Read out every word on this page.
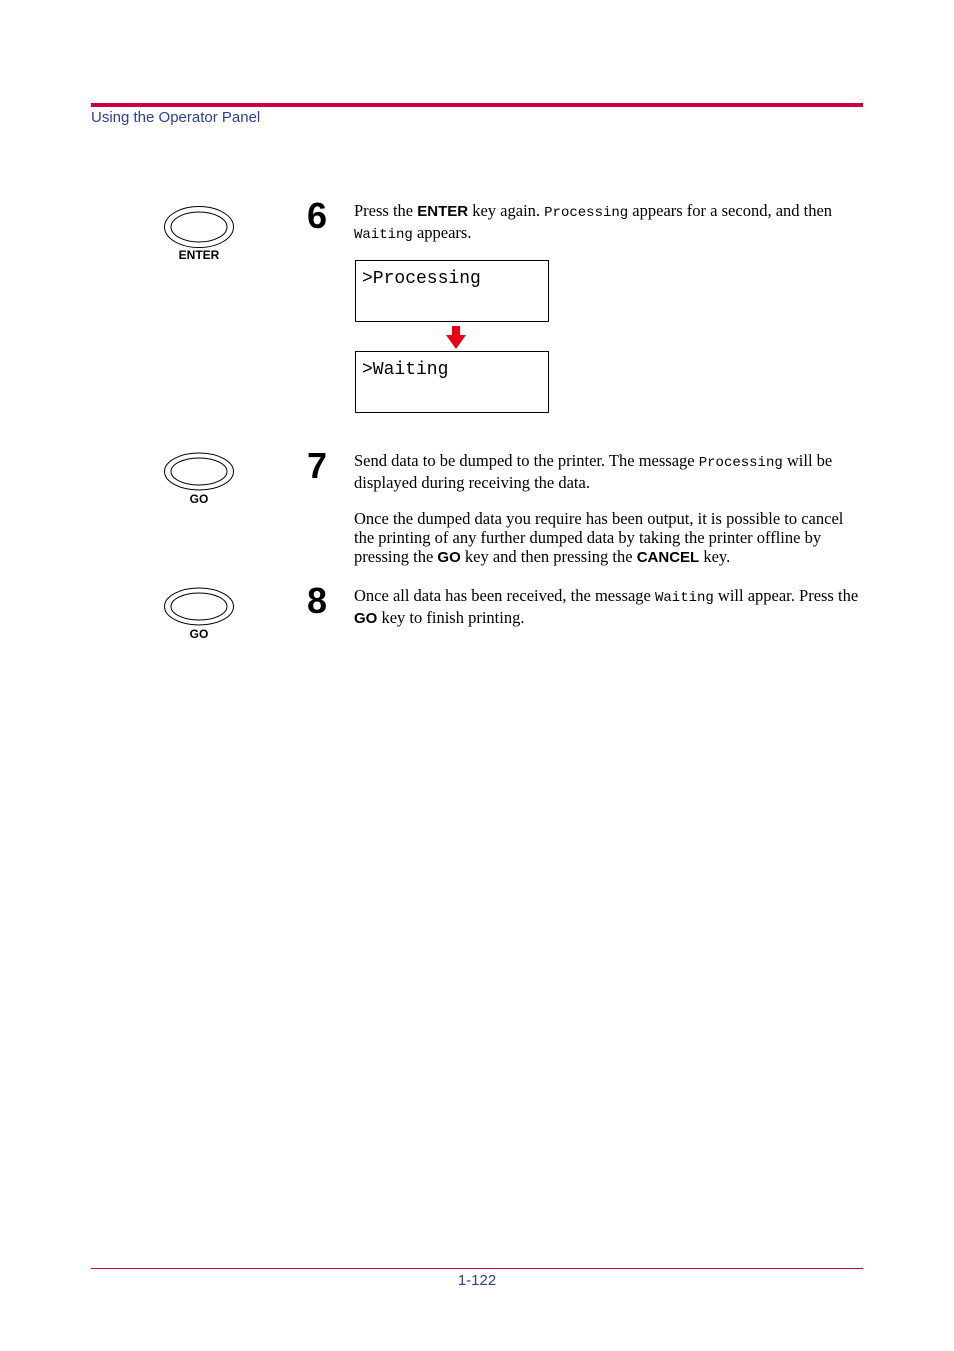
Using the Operator Panel
ENTER
6 Press the ENTER key again. Processing appears for a second, and then Waiting appears.
>Processing
>Waiting
GO
7 Send data to be dumped to the printer. The message Processing will be displayed during receiving the data.
Once the dumped data you require has been output, it is possible to cancel the printing of any further dumped data by taking the printer offline by pressing the GO key and then pressing the CANCEL key.
GO
8 Once all data has been received, the message Waiting will appear. Press the GO key to finish printing.
1-122
